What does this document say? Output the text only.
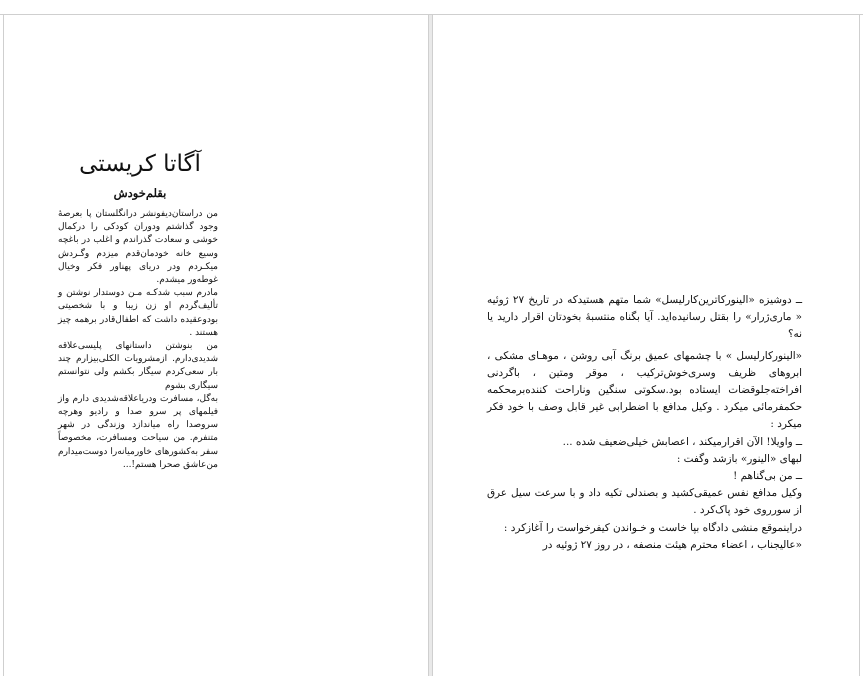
آگاتا کریستی
بقلم‌خودش

من دراستان‌دیفونشر درانگلستان پا بعرصهٔ وجود گذاشتم ودوران کودکی را درکمال خوشی و سعادت گذراندم و اغلب در باغچه وسیع خانه خودمان‌قدم میزدم وگـردش میکـردم ودر دریای پهناور فکر وخیال غوطه‌ور میشدم.

مادرم سبب شدکـه مـن دوستدار نوشتن و تألیف‌گردم او زن زیبا و با شخصیتی بودوعقیده داشت که اطفال‌قادر برهمه چیز هستند .

من بنوشتن داستانهای پلیسی‌علاقه شدیدی‌دارم. ازمشروبات الکلی‌بیزارم چند بار سعی‌کردم سیگار بکشم ولی نتوانستم سیگاری بشوم

به‌گل، مسافرت ودریاعلاقه‌شدیدی دارم واز فیلمهای پر سرو صدا و رادیو وهرچه سروصدا راه میاندازد وزندگی در شهر متنفرم. من سیاحت ومسافرت، مخصوصاً سفر به‌کشورهای خاورمیانه‌را دوست‌میدارم من‌عاشق صحرا هستم!...

ــ دوشیزه «الینورکاترین‌کارلیسل» شما متهم هستیدکه در تاریخ ۲۷ ژوئیه « ماری‌ژرار» را بقتل رسانیده‌اید. آیا بگناه منتسبهٔ بخودتان اقرار دارید یا نه؟

«الینورکارلیسل » با چشمهای عمیق برنگ آبی روشن ، موهـای مشکی ، ابروهای ظریف وسری‌خوش‌ترکیب ، موقر ومتین ، باگردنی افراخته‌جلوقضات ایستاده بود.سکوتی سنگین وناراحت کننده‌برمحکمه حکمفرمائی میکرد . وکیل مدافع با اضطرابی غیر قابل وصف با خود فکر میکرد :

ــ واویلا! الآن اقرارمیکند ، اعصابش خیلی‌ضعیف شده ...

لبهای «الینور» بازشد وگفت :

ــ من بی‌گناهم !

وکیل مدافع نفس عمیقی‌کشید و بصندلی تکیه داد و با سرعت سیل عرق از سورروی خود پاک‌کرد .

دراینموقع منشی دادگاه بپا خاست و خـواندن کیفرخواست را آغازکرد :

«عالیجناب ، اعضاء محترم هیئت منصفه ، در روز ۲۷ ژوئیه در
